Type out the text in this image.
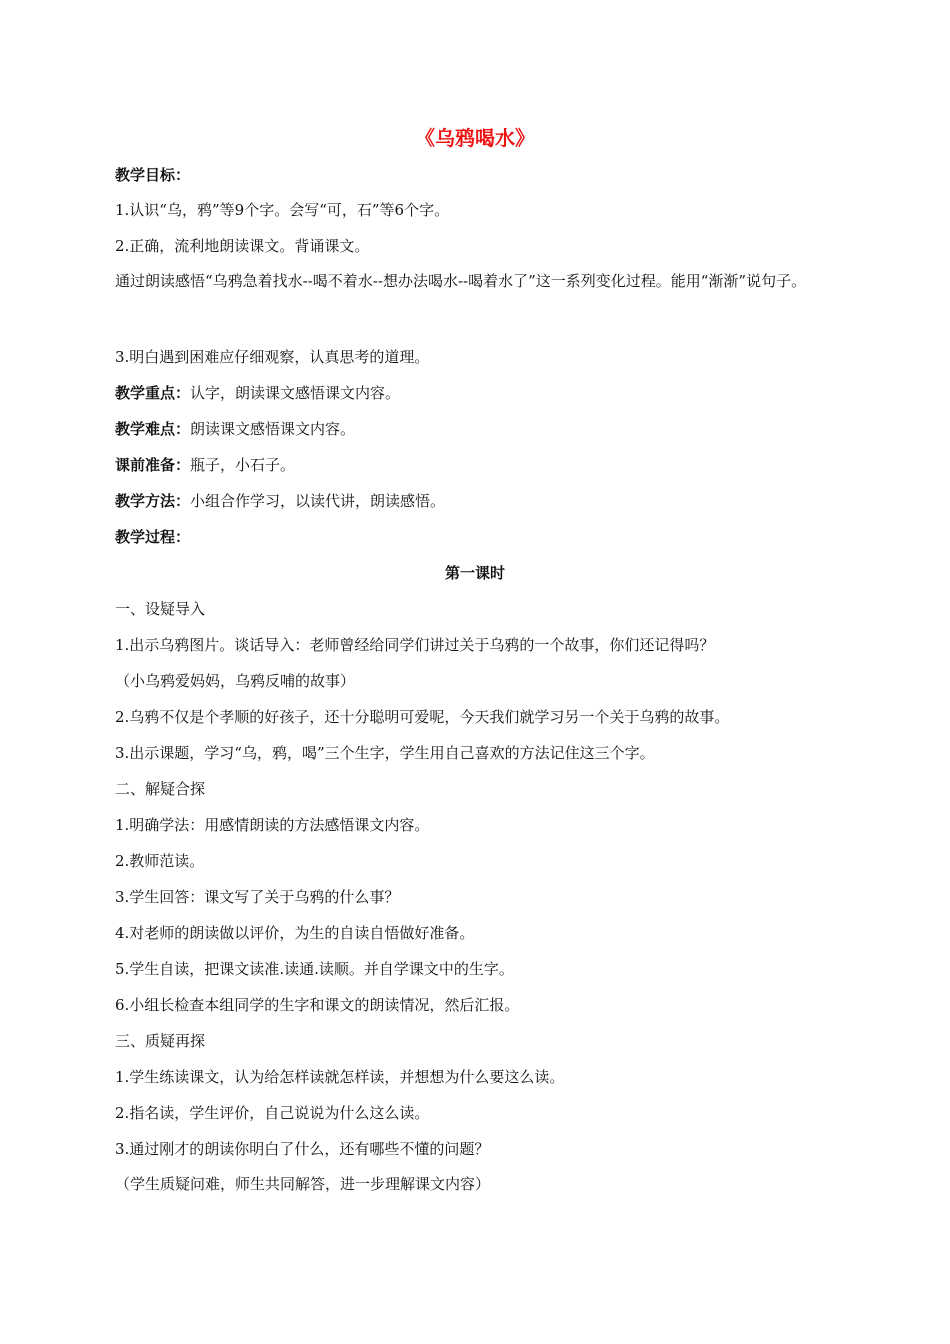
《乌鸦喝水》
教学目标：
1.认识“乌，鸦”等9个字。会写“可，石”等6个字。
2.正确，流利地朗读课文。背诵课文。
通过朗读感悟“乌鸦急着找水--喝不着水--想办法喝水--喝着水了”这一系列变化过程。能用“渐渐”说句子。
3.明白遇到困难应仔细观察，认真思考的道理。
教学重点：认字，朗读课文感悟课文内容。
教学难点：朗读课文感悟课文内容。
课前准备：瓶子，小石子。
教学方法：小组合作学习，以读代讲，朗读感悟。
教学过程：
第一课时
一、设疑导入
1.出示乌鸦图片。谈话导入：老师曾经给同学们讲过关于乌鸦的一个故事，你们还记得吗？
（小乌鸦爱妈妈，乌鸦反哺的故事）
2.乌鸦不仅是个孝顺的好孩子，还十分聪明可爱呢，今天我们就学习另一个关于乌鸦的故事。
3.出示课题，学习“乌，鸦，喝”三个生字，学生用自己喜欢的方法记住这三个字。
二、解疑合探
1.明确学法：用感情朗读的方法感悟课文内容。
2.教师范读。
3.学生回答：课文写了关于乌鸦的什么事？
4.对老师的朗读做以评价，为生的自读自悟做好准备。
5.学生自读，把课文读准.读通.读顺。并自学课文中的生字。
6.小组长检查本组同学的生字和课文的朗读情况，然后汇报。
三、质疑再探
1.学生练读课文，认为给怎样读就怎样读，并想想为什么要这么读。
2.指名读，学生评价，自己说说为什么这么读。
3.通过刚才的朗读你明白了什么，还有哪些不懂的问题？
（学生质疑问难，师生共同解答，进一步理解课文内容）
